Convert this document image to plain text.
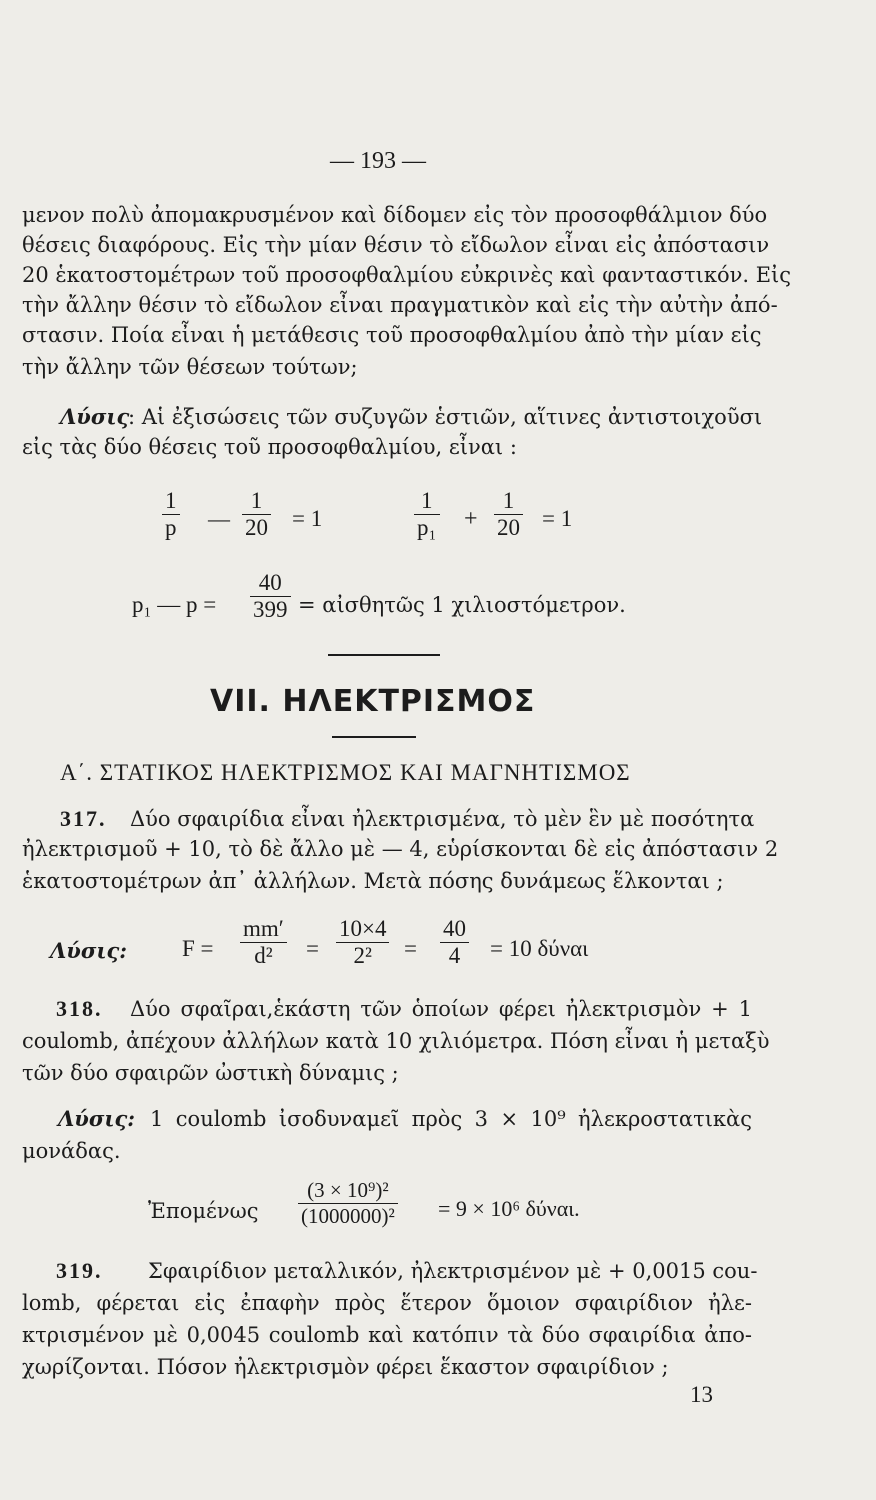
— 193 —
μενον πολὺ ἀπομακρυσμένον καὶ δίδομεν εἰς τὸν προσοφθάλμιον δύο
θέσεις διαφόρους. Εἰς τὴν μίαν θέσιν τὸ εἴδωλον εἶναι εἰς ἀπόστασιν
20 ἑκατοστομέτρων τοῦ προσοφθαλμίου εὐκρινὲς καὶ φανταστικόν. Εἰς
τὴν ἄλλην θέσιν τὸ εἴδωλον εἶναι πραγματικὸν καὶ εἰς τὴν αὐτὴν ἀπό-
στασιν. Ποία εἶναι ἡ μετάθεσις τοῦ προσοφθαλμίου ἀπὸ τὴν μίαν εἰς
τὴν ἄλλην τῶν θέσεων τούτων;
Λύσις
: Αἱ ἐξισώσεις τῶν συζυγῶν ἑστιῶν, αἵτινες ἀντιστοιχοῦσι
εἰς τὰς δύο θέσεις τοῦ προσοφθαλμίου, εἶναι :
$\frac{1}{p}$ — $\frac{1}{20} = 1$	$\frac{1}{\text{p₁}} + \frac{1}{20} = 1$
p₁ — $p = \frac{40}{399}$ = αἰσθητῶς 1 χιλιοστόμετρον.
VII. ΗΛΕΚΤΡΙΣΜΟΣ
Α΄. ΣΤΑΤΙΚΟΣ ΗΛΕΚΤΡΙΣΜΟΣ ΚΑΙ ΜΑΓΝΗΤΙΣΜΟΣ
317. Δύο σφαιρίδια εἶναι ἠλεκτρισμένα, τὸ μὲν ἓν μὲ ποσότητα
ἠλεκτρισμοῦ + 10, τὸ δὲ ἄλλο μὲ — 4, εὑρίσκονται δὲ εἰς ἀπόστασιν 2
ἑκατοστομέτρων ἀπ᾿ ἀλλήλων. Μετὰ πόσης δυνάμεως ἕλκονται ;
Λύσις: $F = \frac{mm'}{\text{d²}} = \frac{10\times 4}{\text{2²}} = \frac{40}{4} = 10$ δύναι
318. Δύο σφαῖραι,ἑκάστη τῶν ὁποίων φέρει ἠλεκτρισμὸν + 1
coulomb, ἀπέχουν ἀλλήλων κατὰ 10 χιλιόμετρα. Πόση εἶναι ἡ μεταξὺ
τῶν δύο σφαιρῶν ὠστικὴ δύναμις ;
Λύσις: 1 coulomb ἰσοδυναμεῖ πρὸς 3 × 10⁹ ἠλεκροστατικὰς
μονάδας.
Ἐπομένως $\frac{\text{(3 × 10⁹)²}}{\text{(1000000)²}} = 9 \times 10^6$ δύναι.
319. Σφαιρίδιον μεταλλικόν, ἠλεκτρισμένον μὲ + 0,0015 cou-
lomb, φέρεται εἰς ἐπαφὴν πρὸς ἕτερον ὅμοιον σφαιρίδιον ἠλε-
κτρισμένον μὲ 0,0045 coulomb καὶ κατόπιν τὰ δύο σφαιρίδια ἀπο-
χωρίζονται. Πόσον ἠλεκτρισμὸν φέρει ἕκαστον σφαιρίδιον ;
13
